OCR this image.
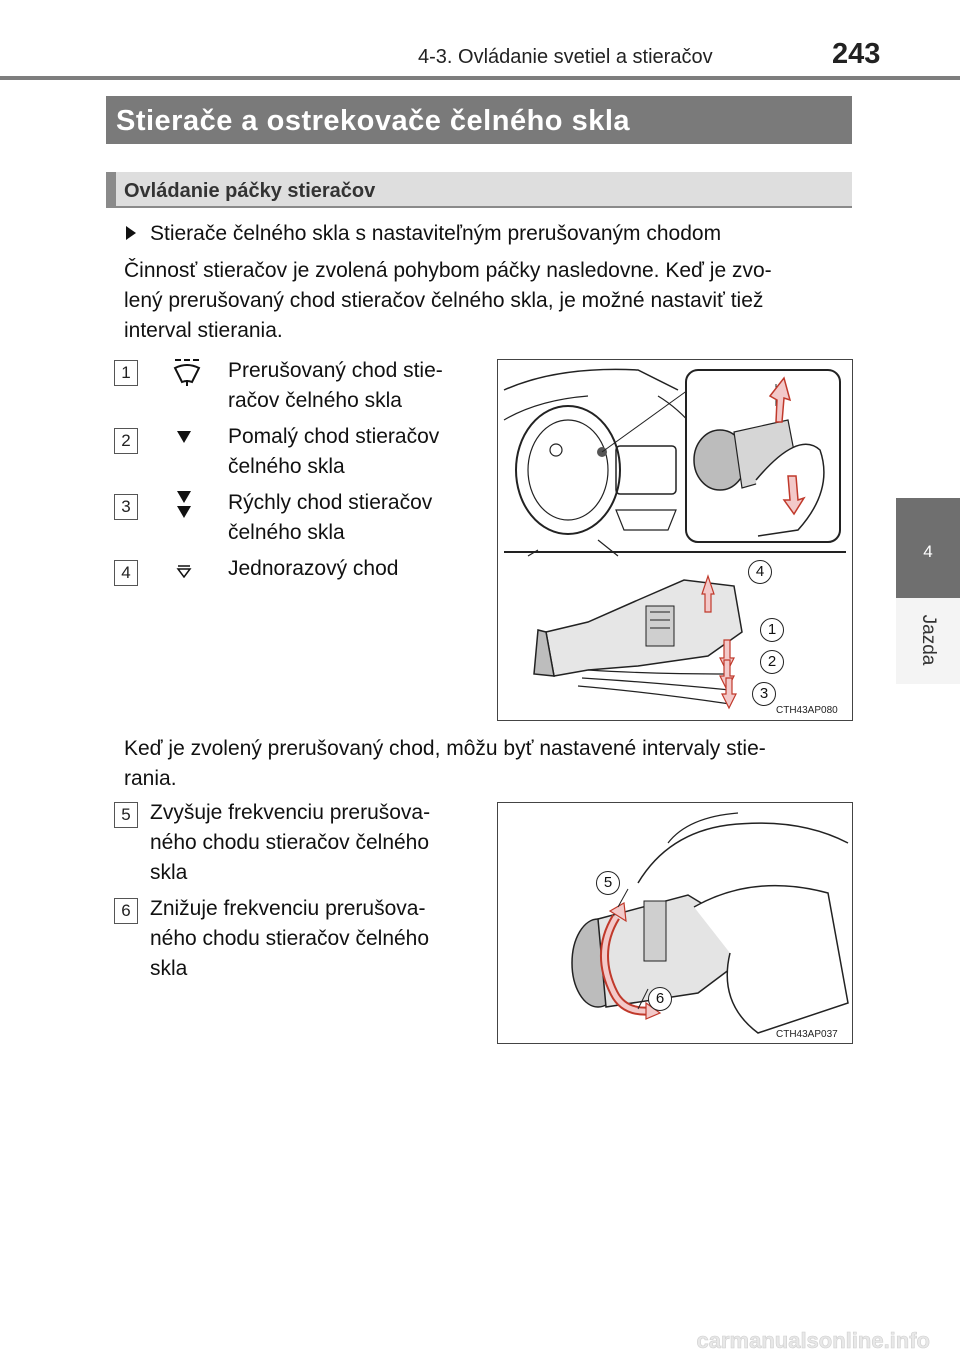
4-3. Ovládanie svetiel a stieračov	243
4
Jazda
Stierače a ostrekovače čelného skla
Ovládanie páčky stieračov
Stierače čelného skla s nastaviteľným prerušovaným chodom
Činnosť stieračov je zvolená pohybom páčky nasledovne. Keď je zvo-
lený prerušovaný chod stieračov čelného skla, je možné nastaviť tiež
interval stierania.
1	Prerušovaný chod stie-
račov čelného skla
2	Pomalý chod stieračov
čelného skla
3	Rýchly chod stieračov
čelného skla
4	Jednorazový chod	4
1
2
3
CTH43AP080
Keď je zvolený prerušovaný chod, môžu byť nastavené intervaly stie-
rania.
5 Zvyšuje frekvenciu prerušova-
ného chodu stieračov čelného
skla
6 Znižuje frekvenciu prerušova-
ného chodu stieračov čelného
skla
5
6
CTH43AP037
carmanualsonline.info
